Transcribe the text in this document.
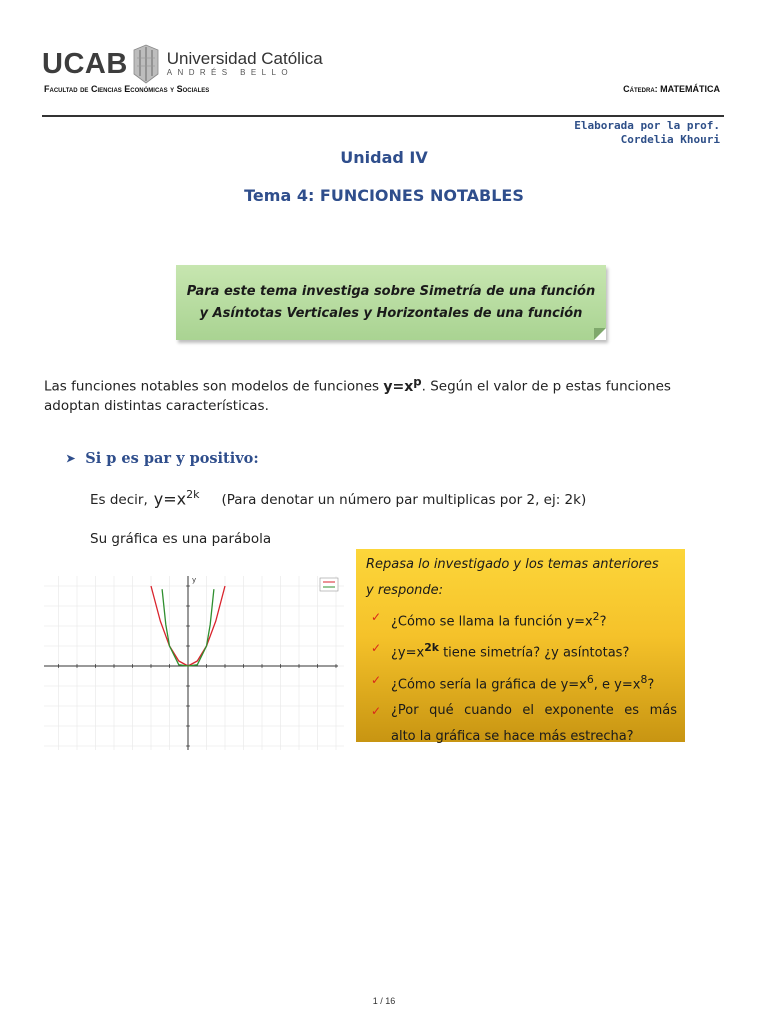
UCAB Universidad Católica
ANDRÉS BELLO
Facultad de Ciencias Económicas y Sociales	Cátedra: MATEMÁTICA
Elaborada por la prof.
Cordelia Khouri
Unidad IV
Tema 4: FUNCIONES NOTABLES
Para este tema investiga sobre Simetría de una función
y Asíntotas Verticales y Horizontales de una función
Las funciones notables son modelos de funciones $y=x^p$. Según el valor de p estas funciones adoptan distintas características.
➤ Si p es par y positivo:
Es decir, $y=x^{2k}$ (Para denotar un número par multiplicas por 2, ej: 2k)
Su gráfica es una parábola
y
Repasa lo investigado y los temas anteriores
y responde:
✓ ¿Cómo se llama la función $y=x^2$?
✓ ¿$y=x^{2k}$ tiene simetría? ¿y asíntotas?
✓ ¿Cómo sería la gráfica de $y=x^6$, e $y=x^8$?
✓ ¿Por qué cuando el exponente es más
alto la gráfica se hace más estrecha?
1 / 16
